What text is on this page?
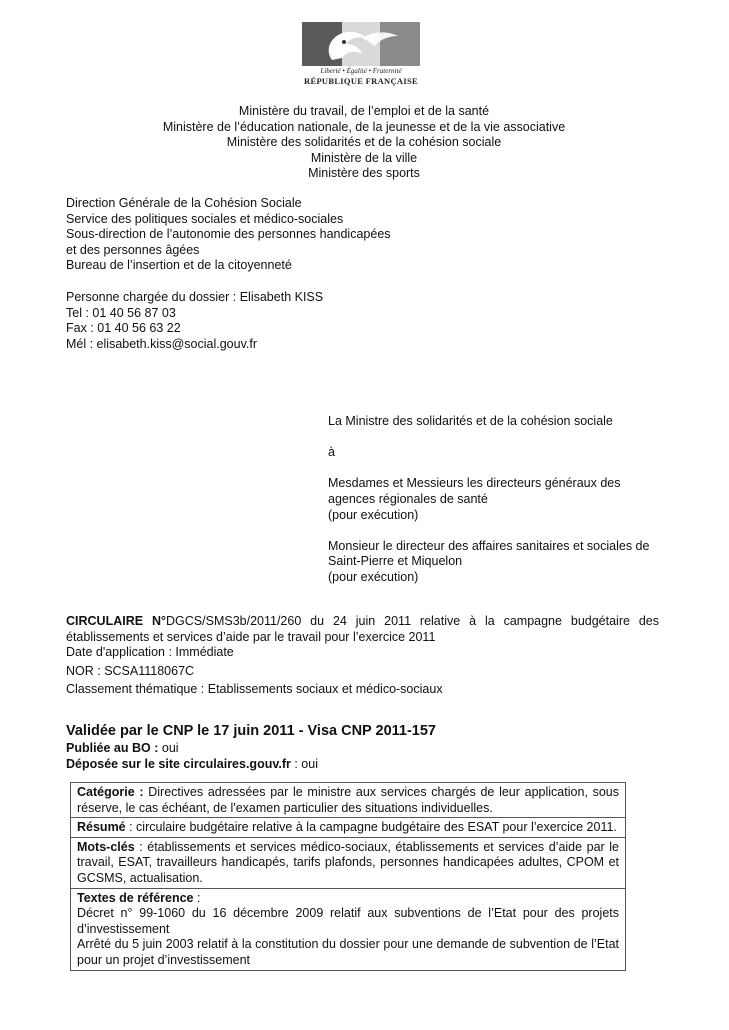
Liberté • Égalité • Fraternité
RÉPUBLIQUE FRANÇAISE
Ministère du travail, de l’emploi et de la santé
Ministère de l’éducation nationale, de la jeunesse et de la vie associative
Ministère des solidarités et de la cohésion sociale
Ministère de la ville
Ministère des sports
Direction Générale de la Cohésion Sociale
Service des politiques sociales et médico-sociales
Sous-direction de l’autonomie des personnes handicapées
et des personnes âgées
Bureau de l’insertion et de la citoyenneté
Personne chargée du dossier : Elisabeth KISS
Tel : 01 40 56 87 03
Fax : 01 40 56 63 22
Mél : elisabeth.kiss@social.gouv.fr

La Ministre des solidarités et de la cohésion sociale

à

Mesdames et Messieurs les directeurs généraux des agences régionales de santé
(pour exécution)

Monsieur le directeur des affaires sanitaires et sociales de Saint-Pierre et Miquelon
(pour exécution)

CIRCULAIRE N°DGCS/SMS3b/2011/260 du 24 juin 2011 relative à la campagne budgétaire des établissements et services d’aide par le travail pour l’exercice 2011
Date d'application : Immédiate
NOR : SCSA1118067C
Classement thématique : Etablissements sociaux et médico-sociaux
Validée par le CNP le 17 juin 2011 - Visa CNP 2011-157
Publiée au BO : oui
Déposée sur le site circulaires.gouv.fr : oui
Catégorie : Directives adressées par le ministre aux services chargés de leur application, sous réserve, le cas échéant, de l'examen particulier des situations individuelles.
Résumé : circulaire budgétaire relative à la campagne budgétaire des ESAT pour l’exercice 2011.
Mots-clés : établissements et services médico-sociaux, établissements et services d’aide par le travail, ESAT, travailleurs handicapés, tarifs plafonds, personnes handicapées adultes, CPOM et GCSMS, actualisation.
Textes de référence :
Décret n° 99-1060 du 16 décembre 2009 relatif aux subventions de l’Etat pour des projets d’investissement
Arrêté du 5 juin 2003 relatif à la constitution du dossier pour une demande de subvention de l’Etat pour un projet d’investissement
